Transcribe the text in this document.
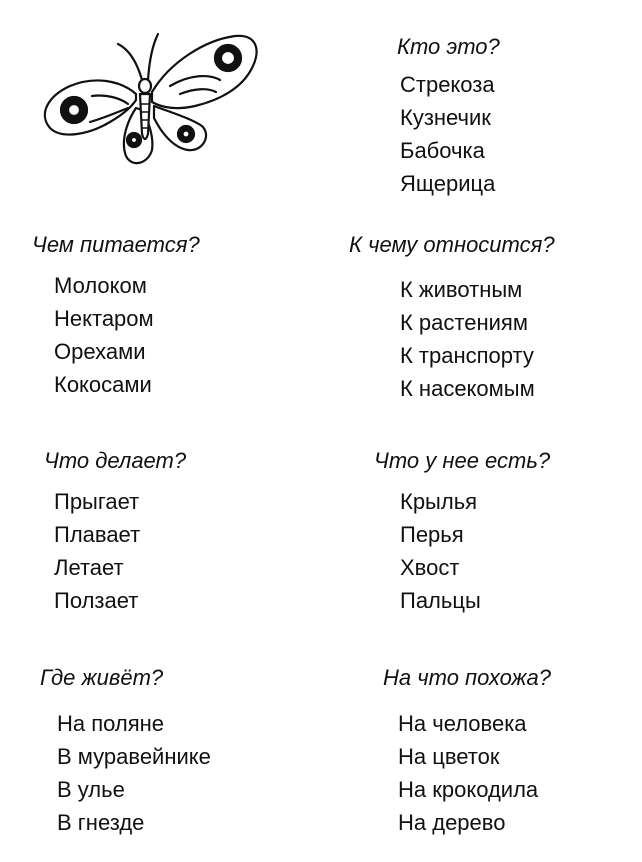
Кто это?
Стрекоза
Кузнечик
Бабочка
Ящерица
Чем питается?
Молоком
Нектаром
Орехами
Кокосами
К чему относится?
К животным
К растениям
К транспорту
К насекомым
Что делает?
Прыгает
Плавает
Летает
Ползает
Что у нее есть?
Крылья
Перья
Хвост
Пальцы
Где живёт?
На поляне
В муравейнике
В улье
В гнезде
На что похожа?
На человека
На цветок
На крокодила
На дерево
